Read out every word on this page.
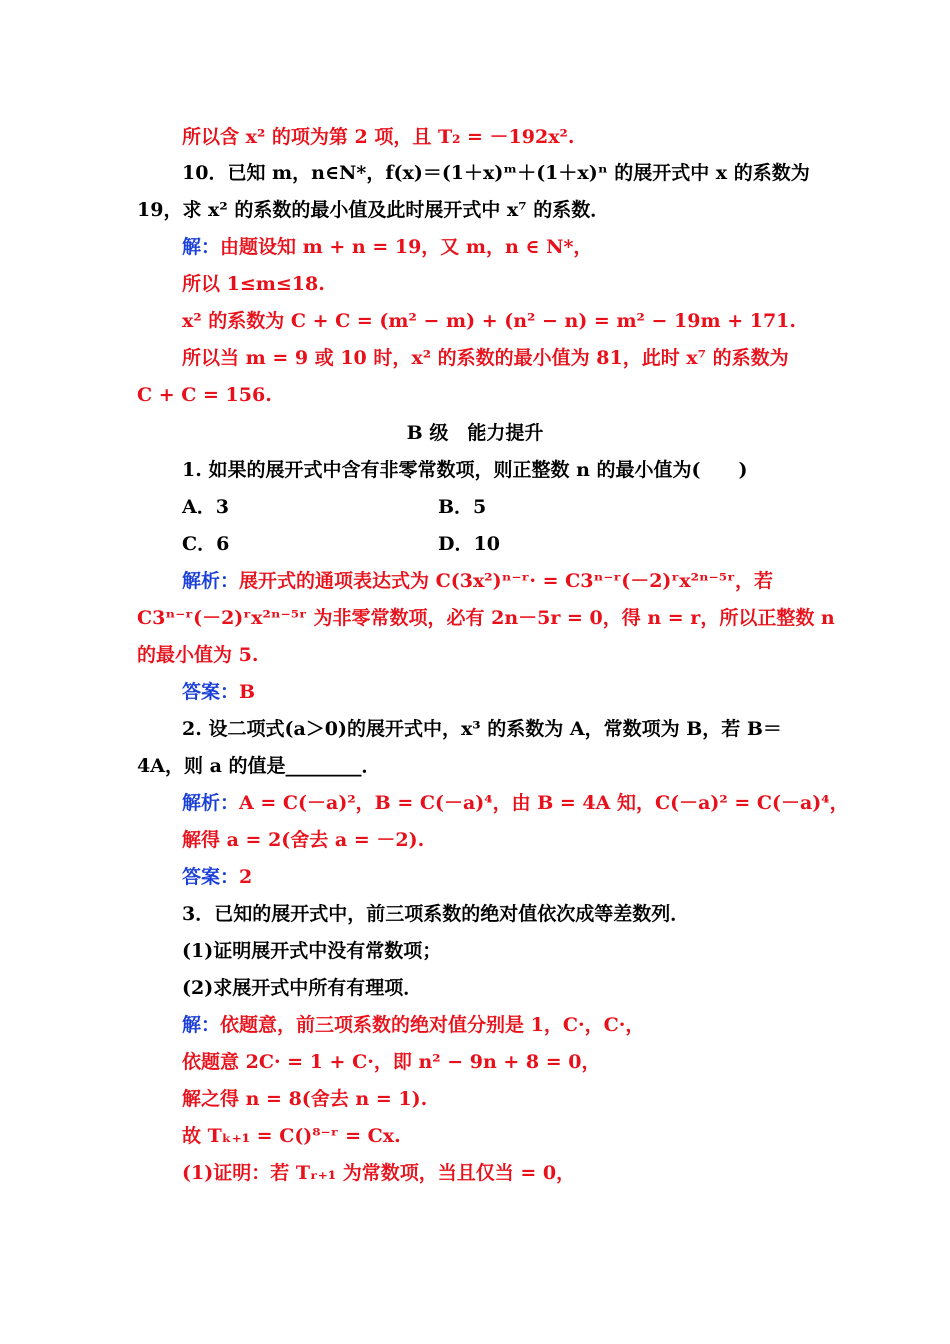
所以含 x² 的项为第 2 项，且 T₂ = －192x².
10．已知 m，n∈N*，f(x)＝(1＋x)ᵐ＋(1＋x)ⁿ 的展开式中 x 的系数为
19，求 x² 的系数的最小值及此时展开式中 x⁷ 的系数．
解：由题设知 m + n = 19，又 m，n ∈ N*，
所以 1≤m≤18.
x² 的系数为 C + C = (m² − m) + (n² − n) = m² − 19m + 171.
所以当 m = 9 或 10 时，x² 的系数的最小值为 81，此时 x⁷ 的系数为
C + C = 156.
B 级　能力提升
1. 如果的展开式中含有非零常数项，则正整数 n 的最小值为(　　)
A．3	B．5
C．6	D．10
解析：展开式的通项表达式为 C(3x²)ⁿ⁻ʳ· = C3ⁿ⁻ʳ(－2)ʳx²ⁿ⁻⁵ʳ，若
C3ⁿ⁻ʳ(－2)ʳx²ⁿ⁻⁵ʳ 为非零常数项，必有 2n－5r = 0，得 n = r，所以正整数 n
的最小值为 5.
答案：B
2. 设二项式(a＞0)的展开式中，x³ 的系数为 A，常数项为 B，若 B＝
4A，则 a 的值是________．
解析：A = C(－a)²，B = C(－a)⁴，由 B = 4A 知，C(－a)² = C(－a)⁴，
解得 a = 2(舍去 a = －2).
答案：2
3．已知的展开式中，前三项系数的绝对值依次成等差数列．
(1)证明展开式中没有常数项；
(2)求展开式中所有有理项．
解：依题意，前三项系数的绝对值分别是 1，C·，C·，
依题意 2C· = 1 + C·，即 n² − 9n + 8 = 0，
解之得 n = 8(舍去 n = 1).
故 Tₖ₊₁ = C()⁸⁻ʳ = Cx.
(1)证明：若 Tᵣ₊₁ 为常数项，当且仅当 = 0，
